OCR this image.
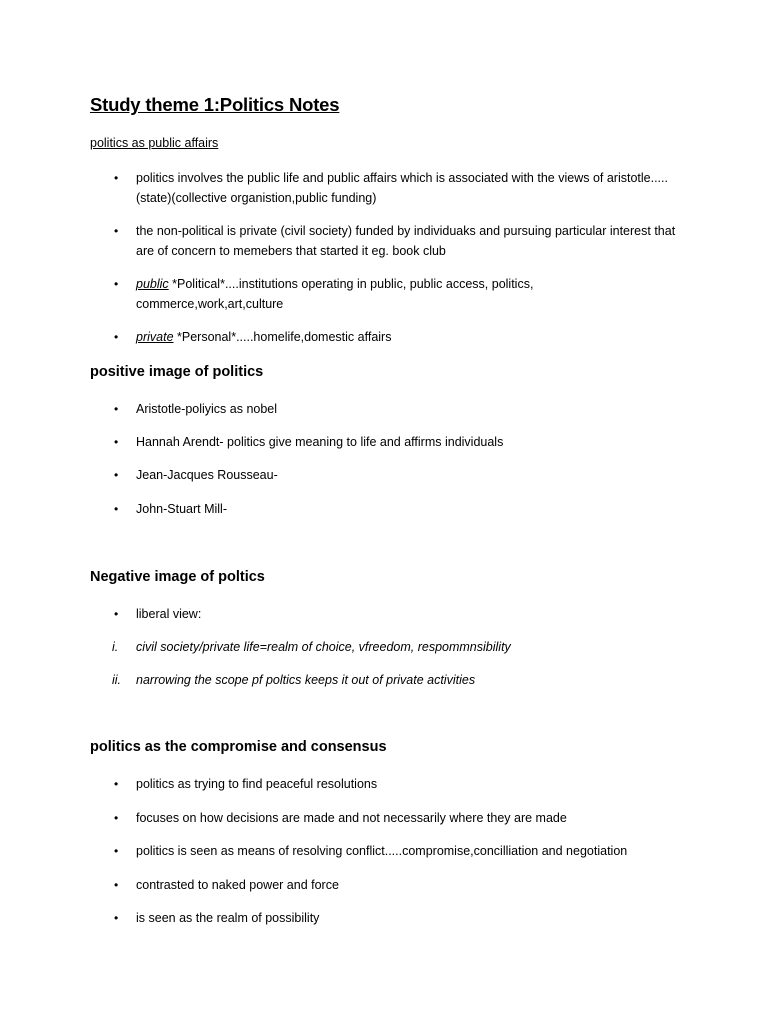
Study theme 1:Politics Notes

politics as public affairs

• politics involves the public life and public affairs which is associated with the views of aristotle.....(state)(collective organistion,public funding)

• the non-political is private (civil society) funded by individuaks and pursuing particular interest that are of concern to memebers that started it eg. book club

• public *Political*....institutions operating in public, public access, politics, commerce,work,art,culture

• private *Personal*.....homelife,domestic affairs

positive image of politics

• Aristotle-poliyics as nobel

• Hannah Arendt- politics give meaning to life and affirms individuals

• Jean-Jacques Rousseau-

• John-Stuart Mill-

Negative image of poltics

• liberal view:

i. civil society/private life=realm of choice, vfreedom, respommnsibility

ii. narrowing the scope pf poltics keeps it out of private activities

politics as the compromise and consensus

• politics as trying to find peaceful resolutions

• focuses on how decisions are made and not necessarily where they are made

• politics is seen as means of resolving conflict.....compromise,concilliation and negotiation

• contrasted to naked power and force

• is seen as the realm of possibility
